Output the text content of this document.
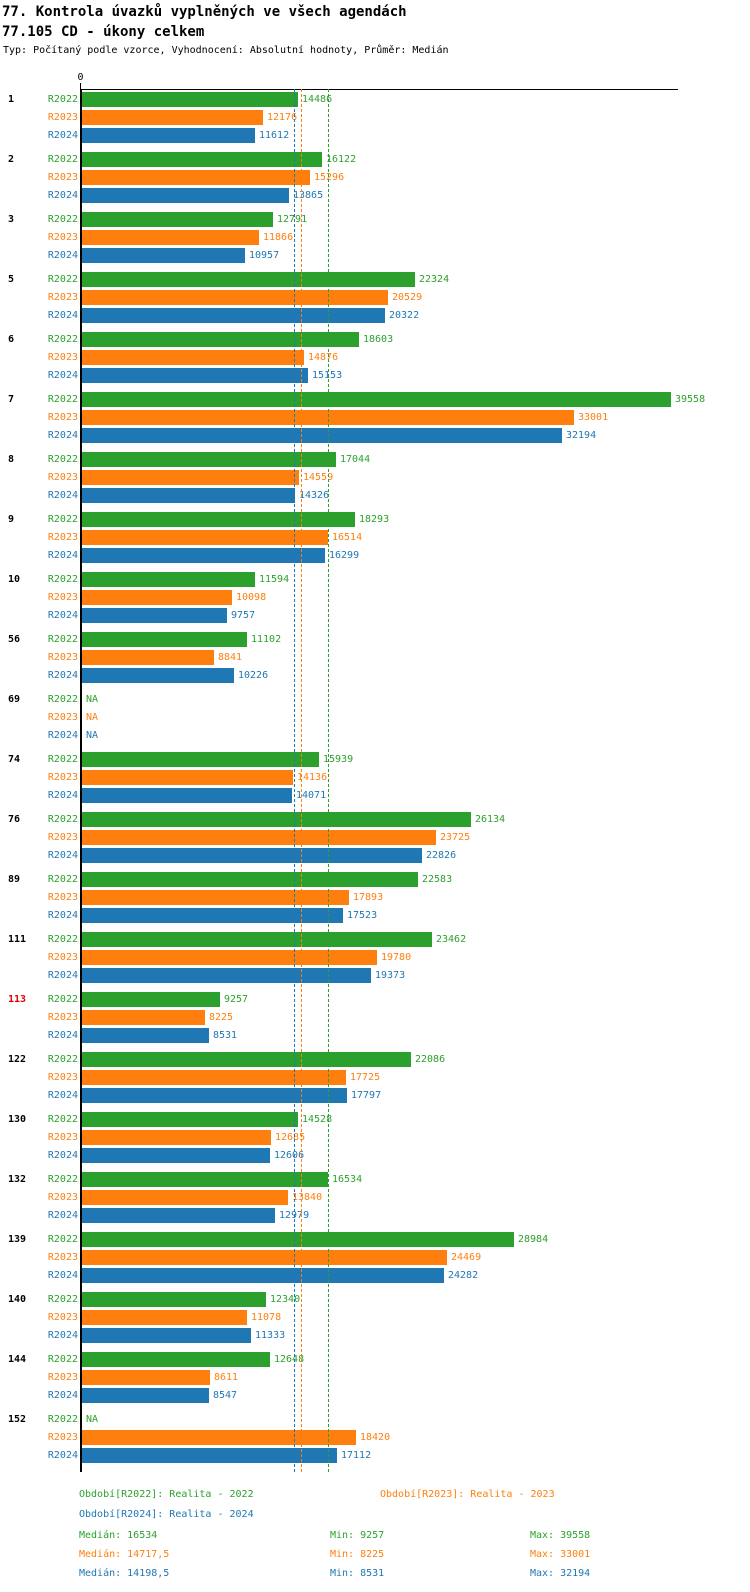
77. Kontrola úvazků vyplněných ve všech agendách
77.105 CD - úkony celkem
Typ: Počítaný podle vzorce, Vyhodnocení: Absolutní hodnoty, Průměr: Medián
0
1	R2022	14486
R2023	12176
R2024	11612
2	R2022	16122
R2023	15296
R2024	13865
3	R2022	12791
R2023	11866
R2024	10957
5	R2022	22324
R2023	20529
R2024	20322
6	R2022	18603
R2023	14876
R2024	15153
7	R2022	39558
R2023	33001
R2024	32194
8	R2022	17044
R2023	14559
R2024	14326
9	R2022	18293
R2023	16514
R2024	16299
10	R2022	11594
R2023	10098
R2024	9757
56	R2022	11102
R2023	8841
R2024	10226
69	R2022 NA
R2023 NA
R2024 NA
74	R2022	15939
R2023	14136
R2024	14071
76	R2022	26134
R2023	23725
R2024	22826
89	R2022	22583
R2023	17893
R2024	17523
111	R2022	23462
R2023	19780
R2024	19373
113	R2022	9257
R2023	8225
R2024	8531
122	R2022	22086
R2023	17725
R2024	17797
130	R2022	14528
R2023	12685
R2024	12606
132	R2022	16534
R2023	13840
R2024	12979
139	R2022	28984
R2023	24469
R2024	24282
140	R2022	12340
R2023	11078
R2024	11333
144	R2022	12648
R2023	8611
R2024	8547
152	R2022 NA
R2023	18420
R2024	17112
Období[R2022]: Realita - 2022	Období[R2023]: Realita - 2023
Období[R2024]: Realita - 2024
Medián: 16534	Min: 9257	Max: 39558
Medián: 14717,5	Min: 8225	Max: 33001
Medián: 14198,5	Min: 8531	Max: 32194
